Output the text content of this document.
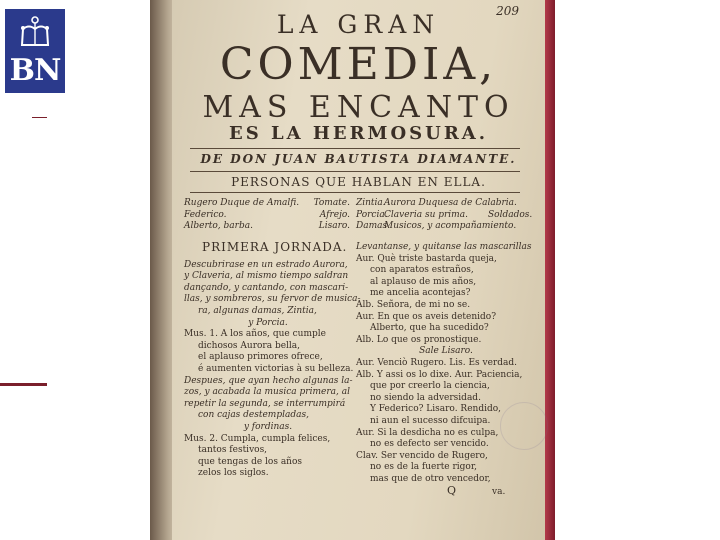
BN
209
LA GRAN
COMEDIA,
MAS ENCANTO
ES LA HERMOSURA.
DE DON JUAN BAUTISTA DIAMANTE.
PERSONAS QUE HABLAN EN ELLA.
Rugero Duque de Amalfi.
Federico.
Alberto, barba.
Tomate.
Afrejo.
Lisaro.
Zintia.
Porcia.
Damas.
Aurora Duquesa de Calabria.
Claveria su prima.
Musicos, y acompañamiento.
Soldados.
PRIMERA JORNADA.
Descubrirase en un estrado Aurora,
y Claveria, al mismo tiempo saldran
dançando, y cantando, con mascari-
llas, y sombreros, su fervor de musica-
ra, algunas damas, Zintia,
y Porcia.
Mus. 1. A los años, que cumple
dichosos Aurora bella,
el aplauso primores ofrece,
é aumenten victorias à su belleza.
Despues, que ayan hecho algunas la-
zos, y acabada la musica primera, al
repetir la segunda, se interrumpirá
con cajas destempladas,
y fordinas.
Mus. 2. Cumpla, cumpla felices,
tantos festivos,
que tengas de los años
zelos los siglos.
Levantanse, y quitanse las mascarillas
Aur. Què triste bastarda queja,
con aparatos estraños,
al aplauso de mis años,
me ancelia acontejas?
Alb. Señora, de mi no se.
Aur. En que os aveis detenido?
Alberto, que ha sucedido?
Alb. Lo que os pronostique.
Sale Lisaro.
Aur. Venciò Rugero. Lis. Es verdad.
Alb. Y assi os lo dixe. Aur. Paciencia,
que por creerlo la ciencia,
no siendo la adversidad.
Y Federico? Lisaro. Rendido,
ni aun el sucesso difcuipa.
Aur. Si la desdicha no es culpa,
no es defecto ser vencido.
Clav. Ser vencido de Rugero,
no es de la fuerte rigor,
mas que de otro vencedor,
Q	va.
